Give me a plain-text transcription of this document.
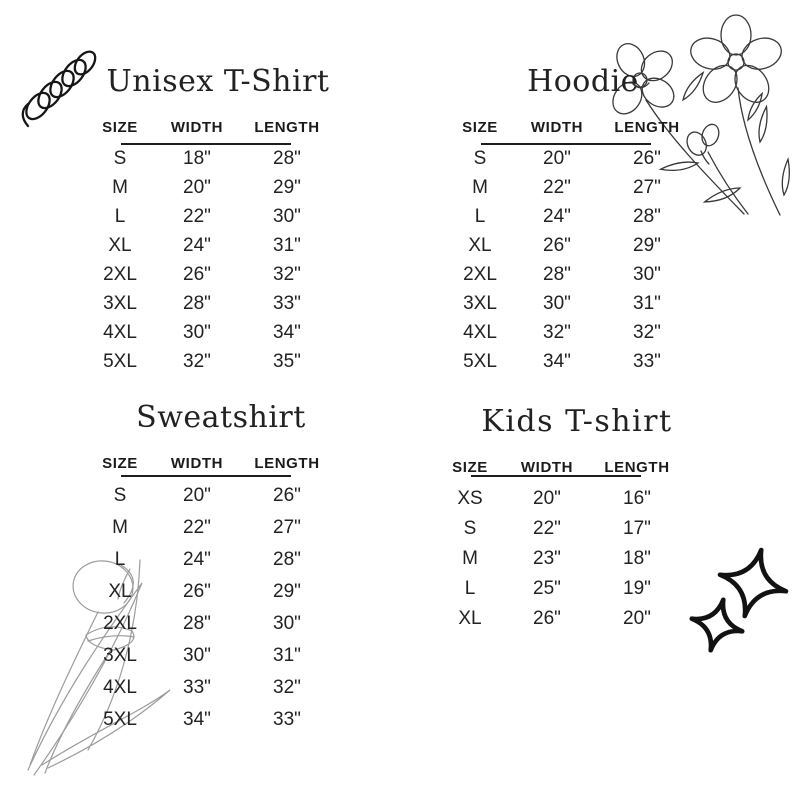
Unisex T-Shirt
SIZE	WIDTH	LENGTH
S	18"	28"
M	20"	29"
L	22"	30"
XL	24"	31"
2XL	26"	32"
3XL	28"	33"
4XL	30"	34"
5XL	32"	35"
Hoodie
SIZE	WIDTH	LENGTH
S	20"	26"
M	22"	27"
L	24"	28"
XL	26"	29"
2XL	28"	30"
3XL	30"	31"
4XL	32"	32"
5XL	34"	33"
Sweatshirt
SIZE	WIDTH	LENGTH
S	20"	26"
M	22"	27"
L	24"	28"
XL	26"	29"
2XL	28"	30"
3XL	30"	31"
4XL	33"	32"
5XL	34"	33"
Kids T-shirt
SIZE	WIDTH	LENGTH
XS	20"	16"
S	22"	17"
M	23"	18"
L	25"	19"
XL	26"	20"
